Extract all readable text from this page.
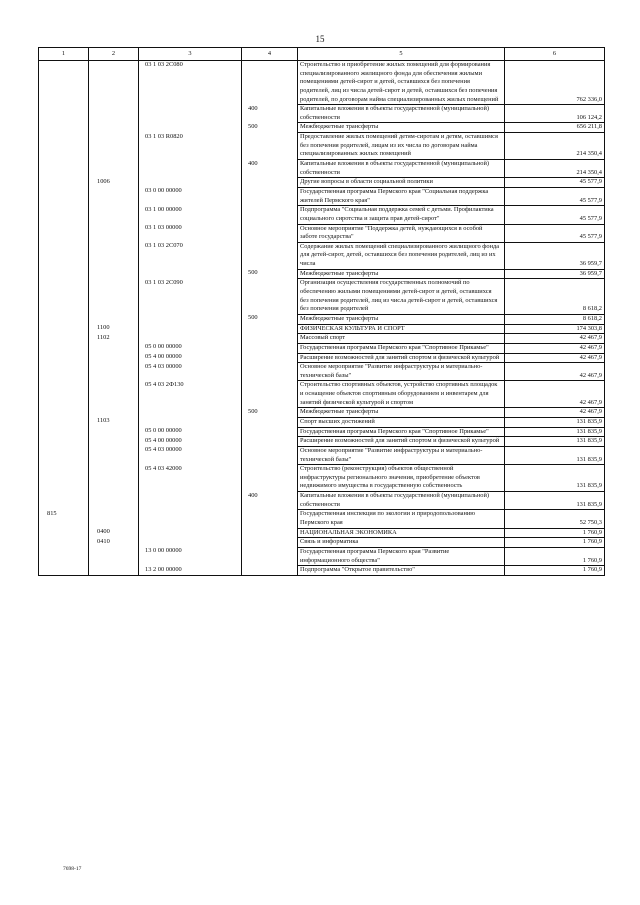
15
1	2	3	4	5	6
		03 1 03 2С080		Строительство и приобретение жилых помещений для формирования специализированного жилищного фонда для обеспечения жилыми помещениями детей-сирот и детей, оставшихся без попечения родителей, лиц из числа детей-сирот и детей, оставшихся без попечения родителей, по договорам найма специализированных жилых помещений	762 336,0
			400	Капитальные вложения в объекты государственной (муниципальной) собственности	106 124,2
			500	Межбюджетные трансферты	656 211,8
		03 1 03 R0820		Предоставление жилых помещений детям-сиротам и детям, оставшимся без попечения родителей, лицам из их числа по договорам найма специализированных жилых помещений	214 350,4
			400	Капитальные вложения в объекты государственной (муниципальной) собственности	214 350,4
	1006			Другие вопросы в области социальной политики	45 577,9
		03 0 00 00000		Государственная программа Пермского края "Социальная поддержка жителей Пермского края"	45 577,9
		03 1 00 00000		Подпрограмма "Социальная поддержка семей с детьми. Профилактика социального сиротства и защита прав детей-сирот"	45 577,9
		03 1 03 00000		Основное мероприятие "Поддержка детей, нуждающихся в особой заботе государства"	45 577,9
		03 1 03 2С070		Содержание жилых помещений специализированного жилищного фонда для детей-сирот, детей, оставшихся без попечения родителей, лиц из их числа	36 959,7
			500	Межбюджетные трансферты	36 959,7
		03 1 03 2С090		Организация осуществления государственных полномочий по обеспечению жилыми помещениями детей-сирот и детей, оставшихся без попечения родителей, лиц из числа детей-сирот и детей, оставшихся без попечения родителей	8 618,2
			500	Межбюджетные трансферты	8 618,2
	1100			ФИЗИЧЕСКАЯ КУЛЬТУРА И СПОРТ	174 303,8
	1102			Массовый спорт	42 467,9
		05 0 00 00000		Государственная программа Пермского края "Спортивное Прикамье"	42 467,9
		05 4 00 00000		Расширение возможностей для занятий спортом и физической культурой	42 467,9
		05 4 03 00000		Основное мероприятие "Развитие инфраструктуры и материально-технической базы"	42 467,9
		05 4 03 2Ф130		Строительство спортивных объектов, устройство спортивных площадок и оснащение объектов спортивным оборудованием и инвентарем для занятий физической культурой и спортом	42 467,9
			500	Межбюджетные трансферты	42 467,9
	1103			Спорт высших достижений	131 835,9
		05 0 00 00000		Государственная программа Пермского края "Спортивное Прикамье"	131 835,9
		05 4 00 00000		Расширение возможностей для занятий спортом и физической культурой	131 835,9
		05 4 03 00000		Основное мероприятие "Развитие инфраструктуры и материально-технической базы"	131 835,9
		05 4 03 42000		Строительство (реконструкция) объектов общественной инфраструктуры регионального значения, приобретение объектов недвижимого имущества в государственную собственность	131 835,9
			400	Капитальные вложения в объекты государственной (муниципальной) собственности	131 835,9
815				Государственная инспекция по экологии и природопользованию Пермского края	52 750,3
	0400			НАЦИОНАЛЬНАЯ ЭКОНОМИКА	1 760,9
	0410			Связь и информатика	1 760,9
		13 0 00 00000		Государственная программа Пермского края "Развитие информационного общества"	1 760,9
		13 2 00 00000		Подпрограмма "Открытое правительство"	1 760,9
7698-17
